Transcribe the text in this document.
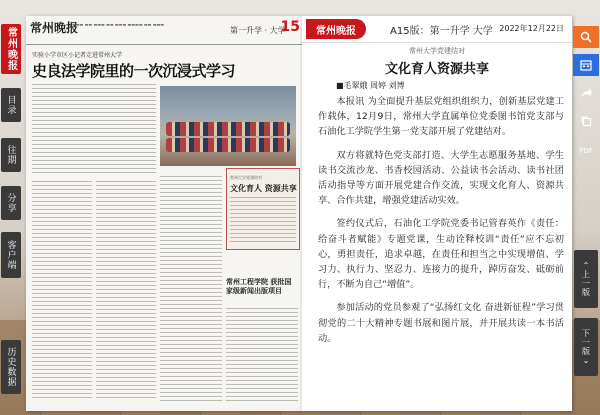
常州晚报
目录
往期
分享
客户端
历史数据
常州晚报
▬▬▬ ▬▬ ▬▬▬ ▬▬ ▬▬▬ ▬▬▬▬ ▬▬ ▬▬▬
第一升学 · 大学
15
实验小学市区小记者走进常州大学
史良法学院里的一次沉浸式学习
常州大学党建结对
文化育人 资源共享
常州工程学院 获批国家级新闻出版项目
常州晚报	A15版：第一升学 大学 2022年12月22日
常州大学党建结对
文化育人资源共享
■毛翠娥 周婷 刘博

本报讯 为全面提升基层党组织组织力，创新基层党建工作载体，12月9日，常州大学直属单位党委图书馆党支部与石油化工学院学生第一党支部开展了党建结对。

双方将就特色党支部打造、大学生志愿服务基地、学生读书交流沙龙、书香校园活动、公益读书会活动、读书社团活动指导等方面开展党建合作交流，实现文化育人、资源共享、合作共建，增强党建活动实效。

签约仪式后，石油化工学院党委书记管春英作《责任：给奋斗者赋能》专题党课，生动诠释校训“责任”应不忘初心，勇担责任，追求卓越，在责任和担当之中实现增值、学习力、执行力、坚忍力、连接力的提升，踔厉奋发、砥砺前行，不断为自己“增值”。

参加活动的党员参观了“弘扬红文化 奋进新征程”学习贯彻党的二十大精神专题书展和图片展，并开展共读一本书活动。

PDF
⌃
上一版
下一版
⌄
